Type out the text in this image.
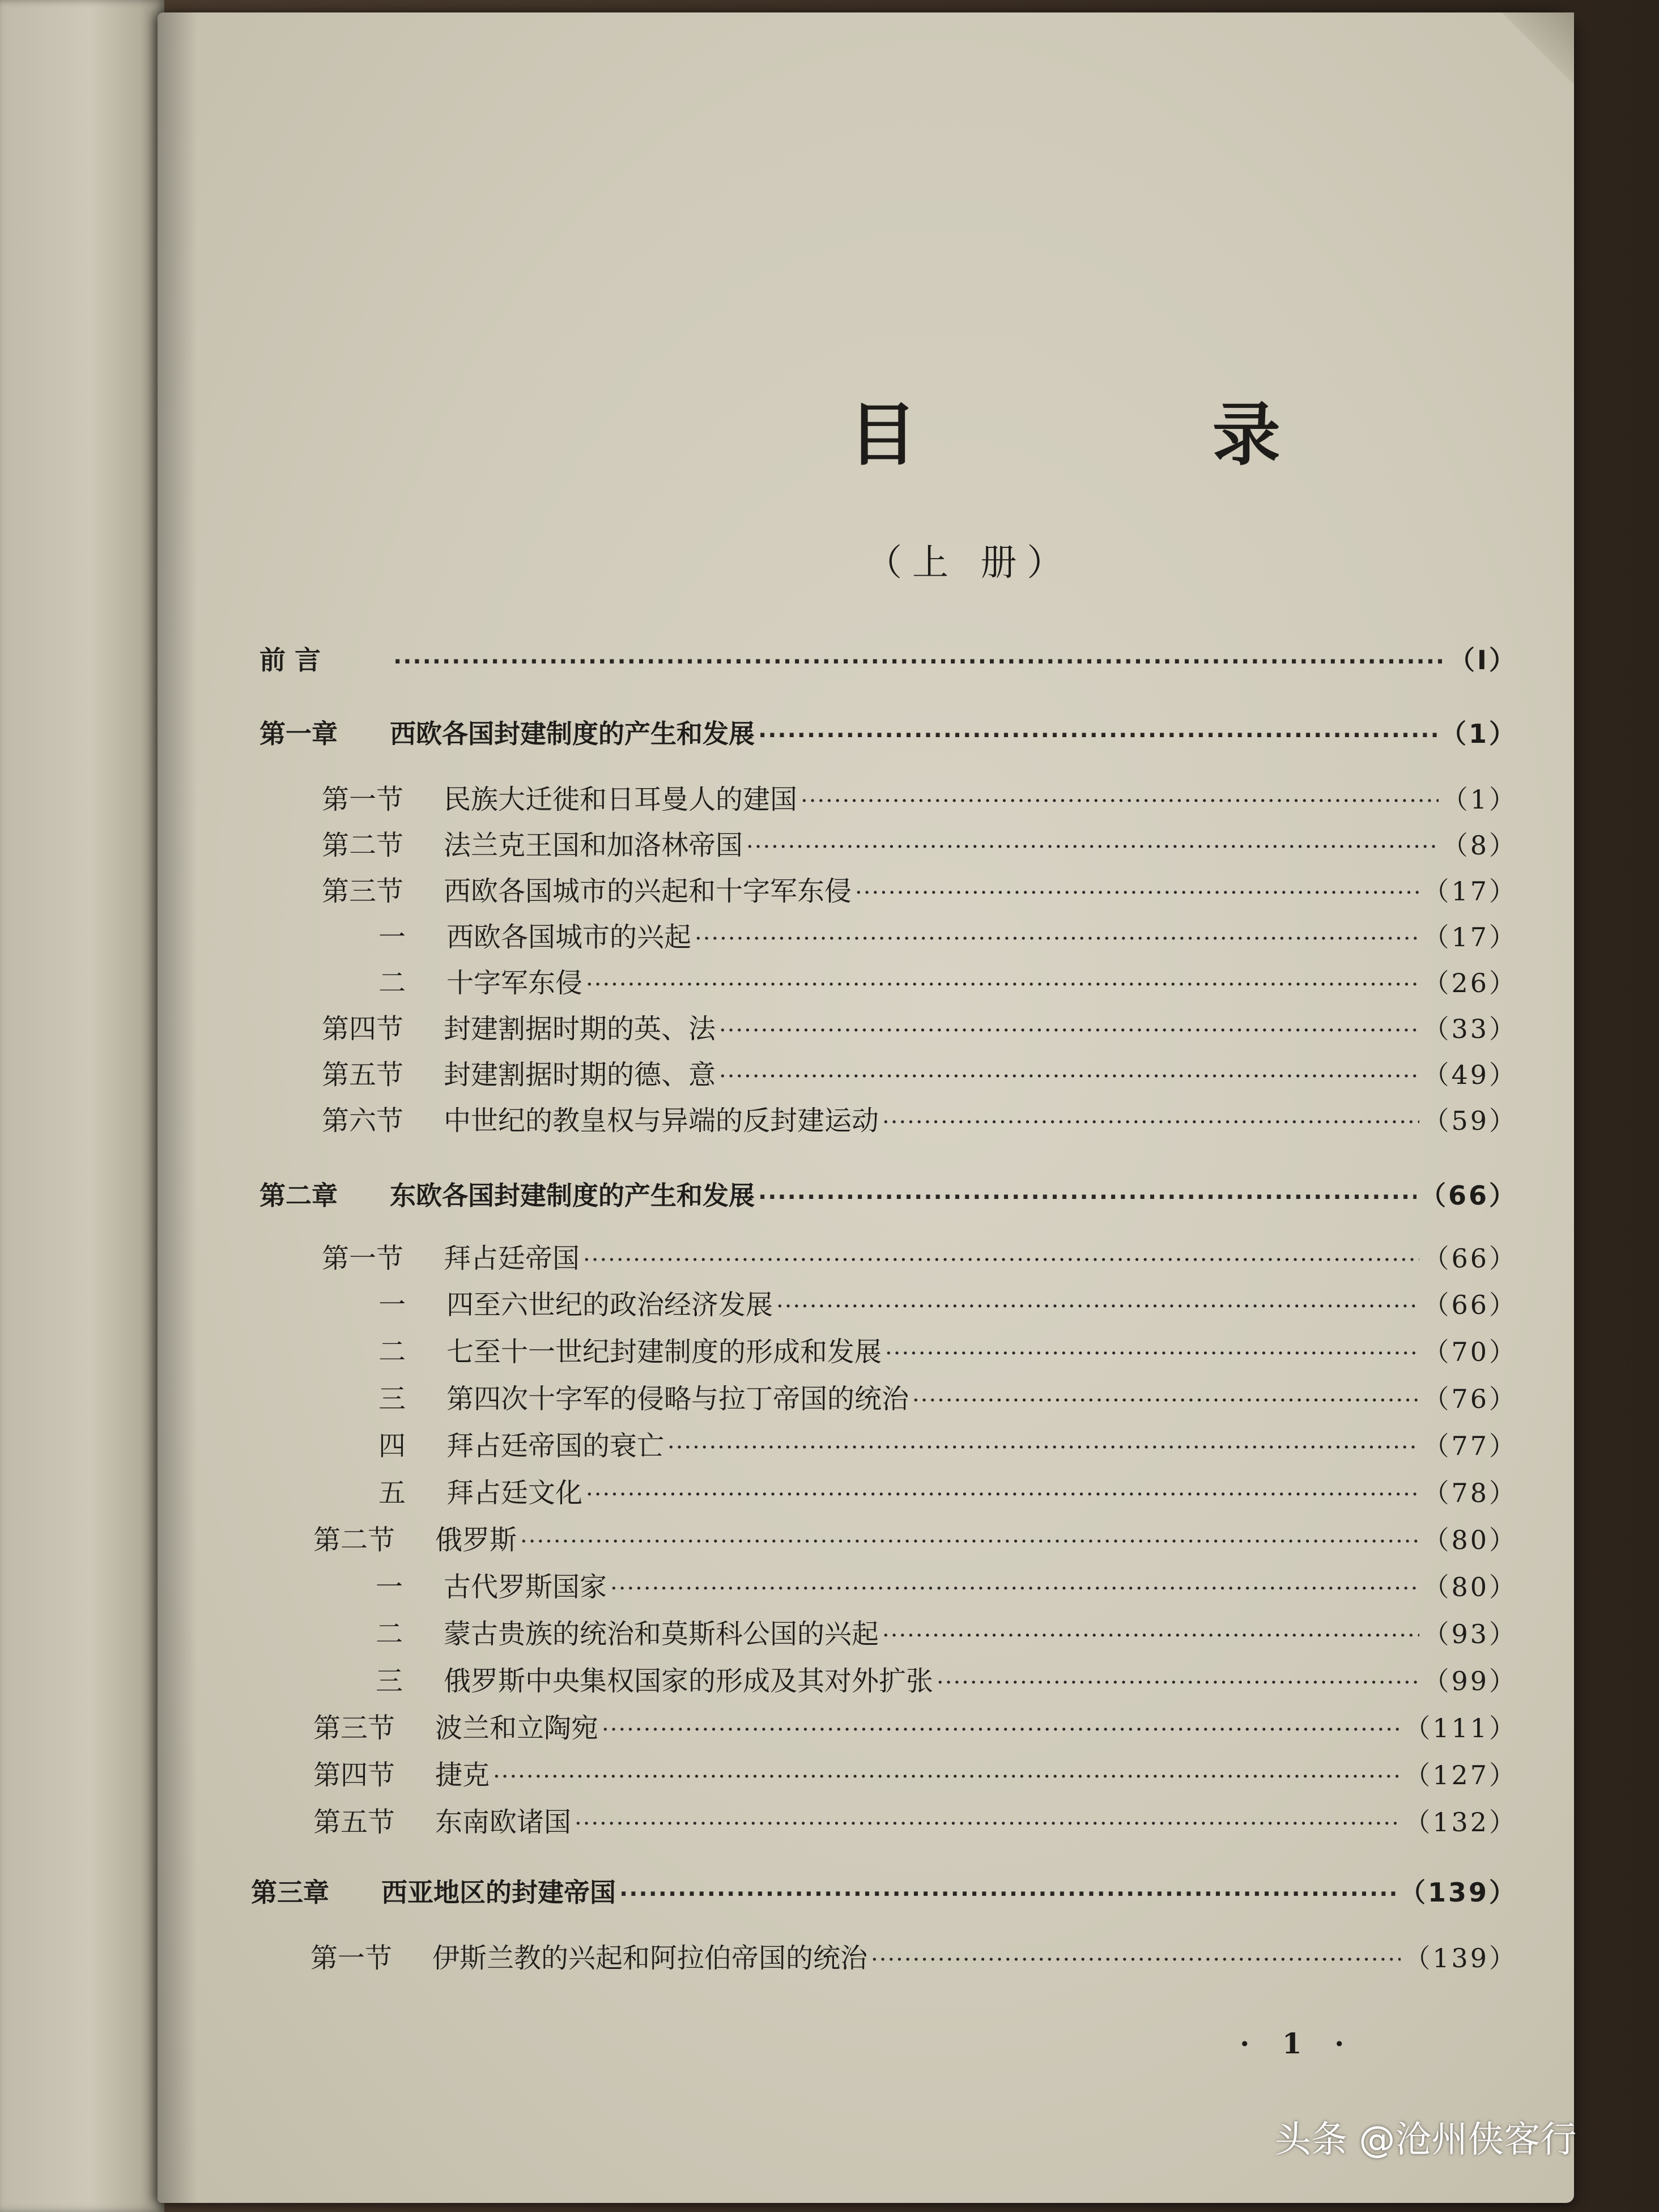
目 录
（上 册）
前 言 ·····	（Ⅰ）
第一章	西欧各国封建制度的产生和发展 ·····	（1）
第一节	民族大迁徙和日耳曼人的建国 ·····	（1）
第二节	法兰克王国和加洛林帝国 ·····	（8）
第三节	西欧各国城市的兴起和十字军东侵 ·····	（17）
一	西欧各国城市的兴起 ·····	（17）
二	十字军东侵 ·····	（26）
第四节	封建割据时期的英、法 ·····	（33）
第五节	封建割据时期的德、意 ·····	（49）
第六节	中世纪的教皇权与异端的反封建运动 ·····	（59）
第二章	东欧各国封建制度的产生和发展 ·····	（66）
第一节	拜占廷帝国 ·····	（66）
一	四至六世纪的政治经济发展 ·····	（66）
二	七至十一世纪封建制度的形成和发展 ·····	（70）
三	第四次十字军的侵略与拉丁帝国的统治 ·····	（76）
四	拜占廷帝国的衰亡 ·····	（77）
五	拜占廷文化 ·····	（78）
第二节	俄罗斯 ·····	（80）
一	古代罗斯国家 ·····	（80）
二	蒙古贵族的统治和莫斯科公国的兴起 ·····	（93）
三	俄罗斯中央集权国家的形成及其对外扩张 ·····	（99）
第三节	波兰和立陶宛 ·····	（111）
第四节	捷克 ·····	（127）
第五节	东南欧诸国 ·····	（132）
第三章	西亚地区的封建帝国 ·····	（139）
第一节	伊斯兰教的兴起和阿拉伯帝国的统治 ·····	（139）
· 1 ·
头条 @沧州侠客行
